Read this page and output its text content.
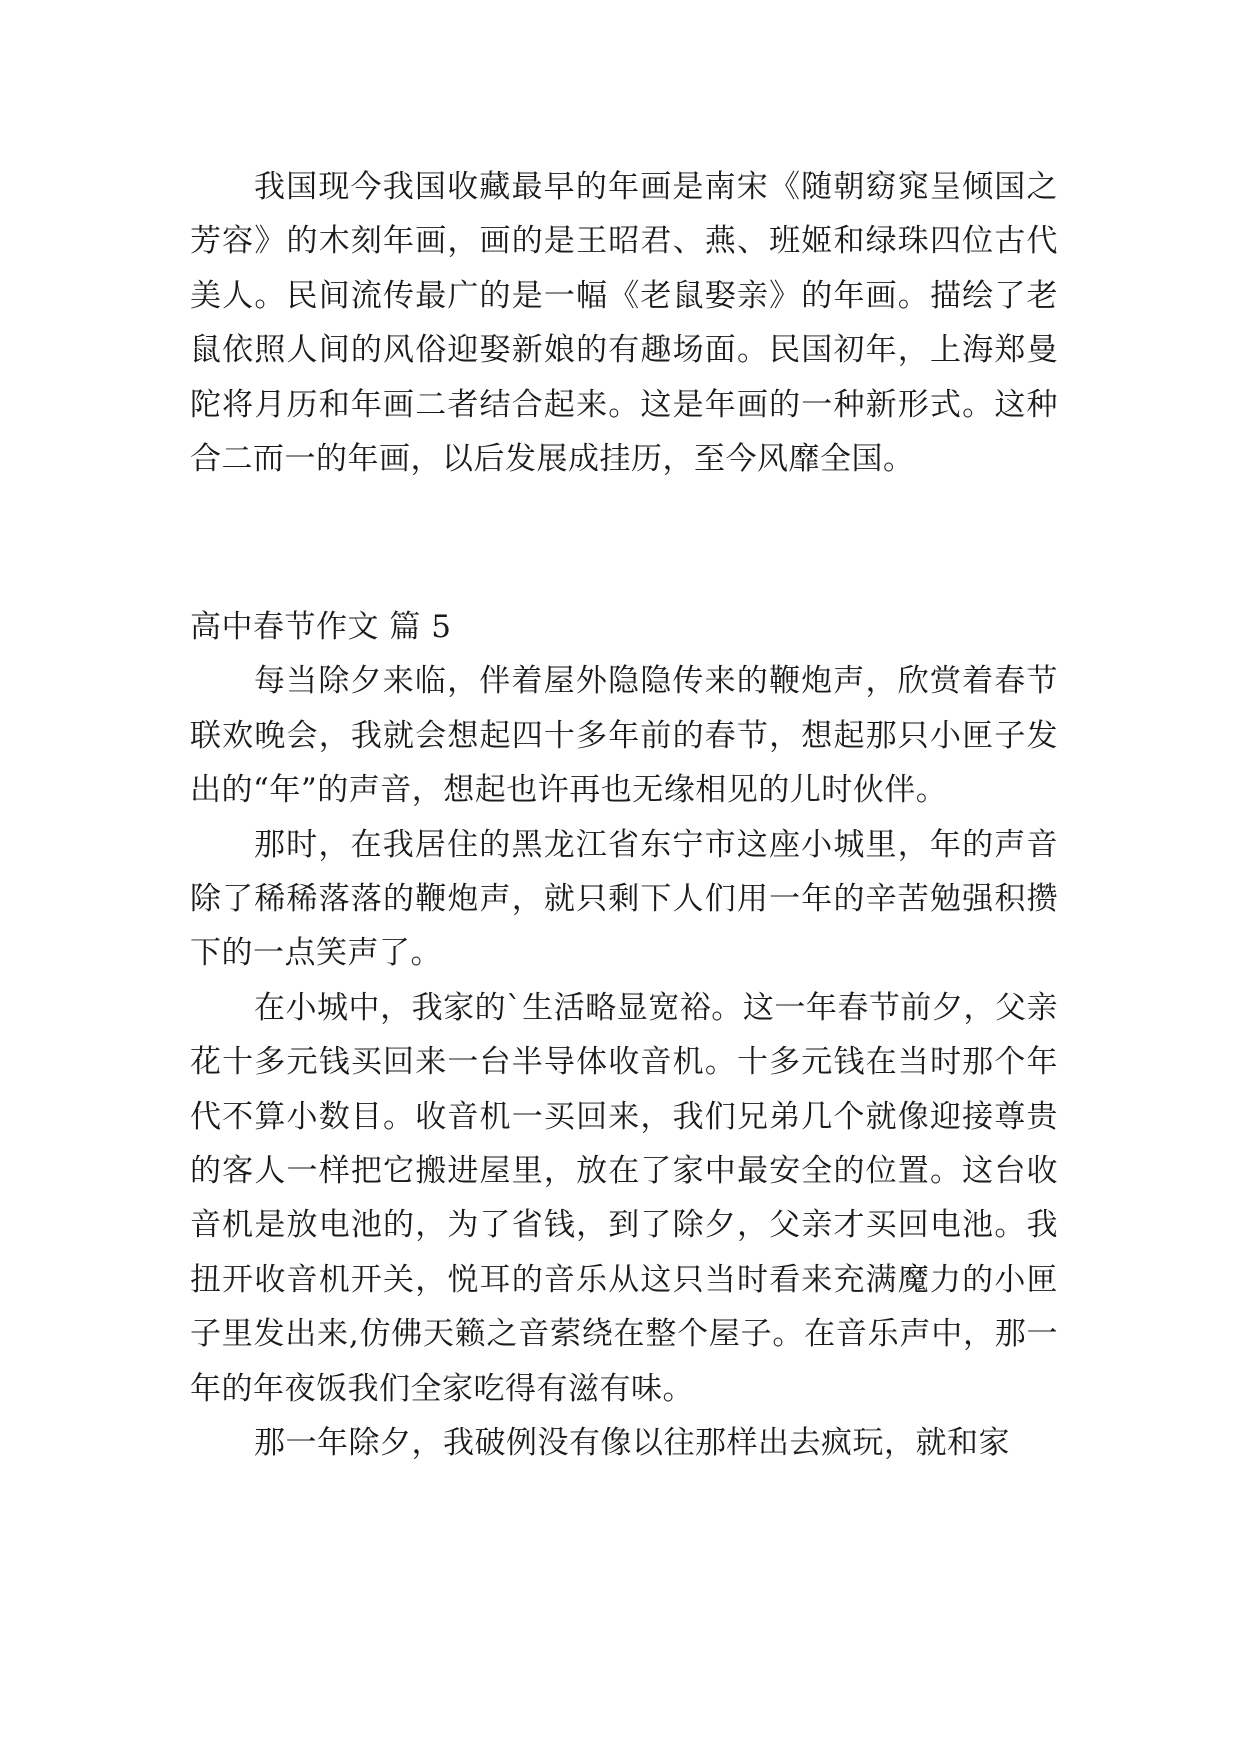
我国现今我国收藏最早的年画是南宋《随朝窈窕呈倾国之芳容》的木刻年画，画的是王昭君、燕、班姬和绿珠四位古代美人。民间流传最广的是一幅《老鼠娶亲》的年画。描绘了老鼠依照人间的风俗迎娶新娘的有趣场面。民国初年，上海郑曼陀将月历和年画二者结合起来。这是年画的一种新形式。这种合二而一的年画，以后发展成挂历，至今风靡全国。

高中春节作文 篇 5

每当除夕来临，伴着屋外隐隐传来的鞭炮声，欣赏着春节联欢晚会，我就会想起四十多年前的春节，想起那只小匣子发出的“年”的声音，想起也许再也无缘相见的儿时伙伴。

那时，在我居住的黑龙江省东宁市这座小城里，年的声音除了稀稀落落的鞭炮声，就只剩下人们用一年的辛苦勉强积攒下的一点笑声了。

在小城中，我家的`生活略显宽裕。这一年春节前夕，父亲花十多元钱买回来一台半导体收音机。十多元钱在当时那个年代不算小数目。收音机一买回来，我们兄弟几个就像迎接尊贵的客人一样把它搬进屋里，放在了家中最安全的位置。这台收音机是放电池的，为了省钱，到了除夕，父亲才买回电池。我扭开收音机开关，悦耳的音乐从这只当时看来充满魔力的小匣子里发出来,仿佛天籁之音萦绕在整个屋子。在音乐声中，那一年的年夜饭我们全家吃得有滋有味。

那一年除夕，我破例没有像以往那样出去疯玩，就和家
